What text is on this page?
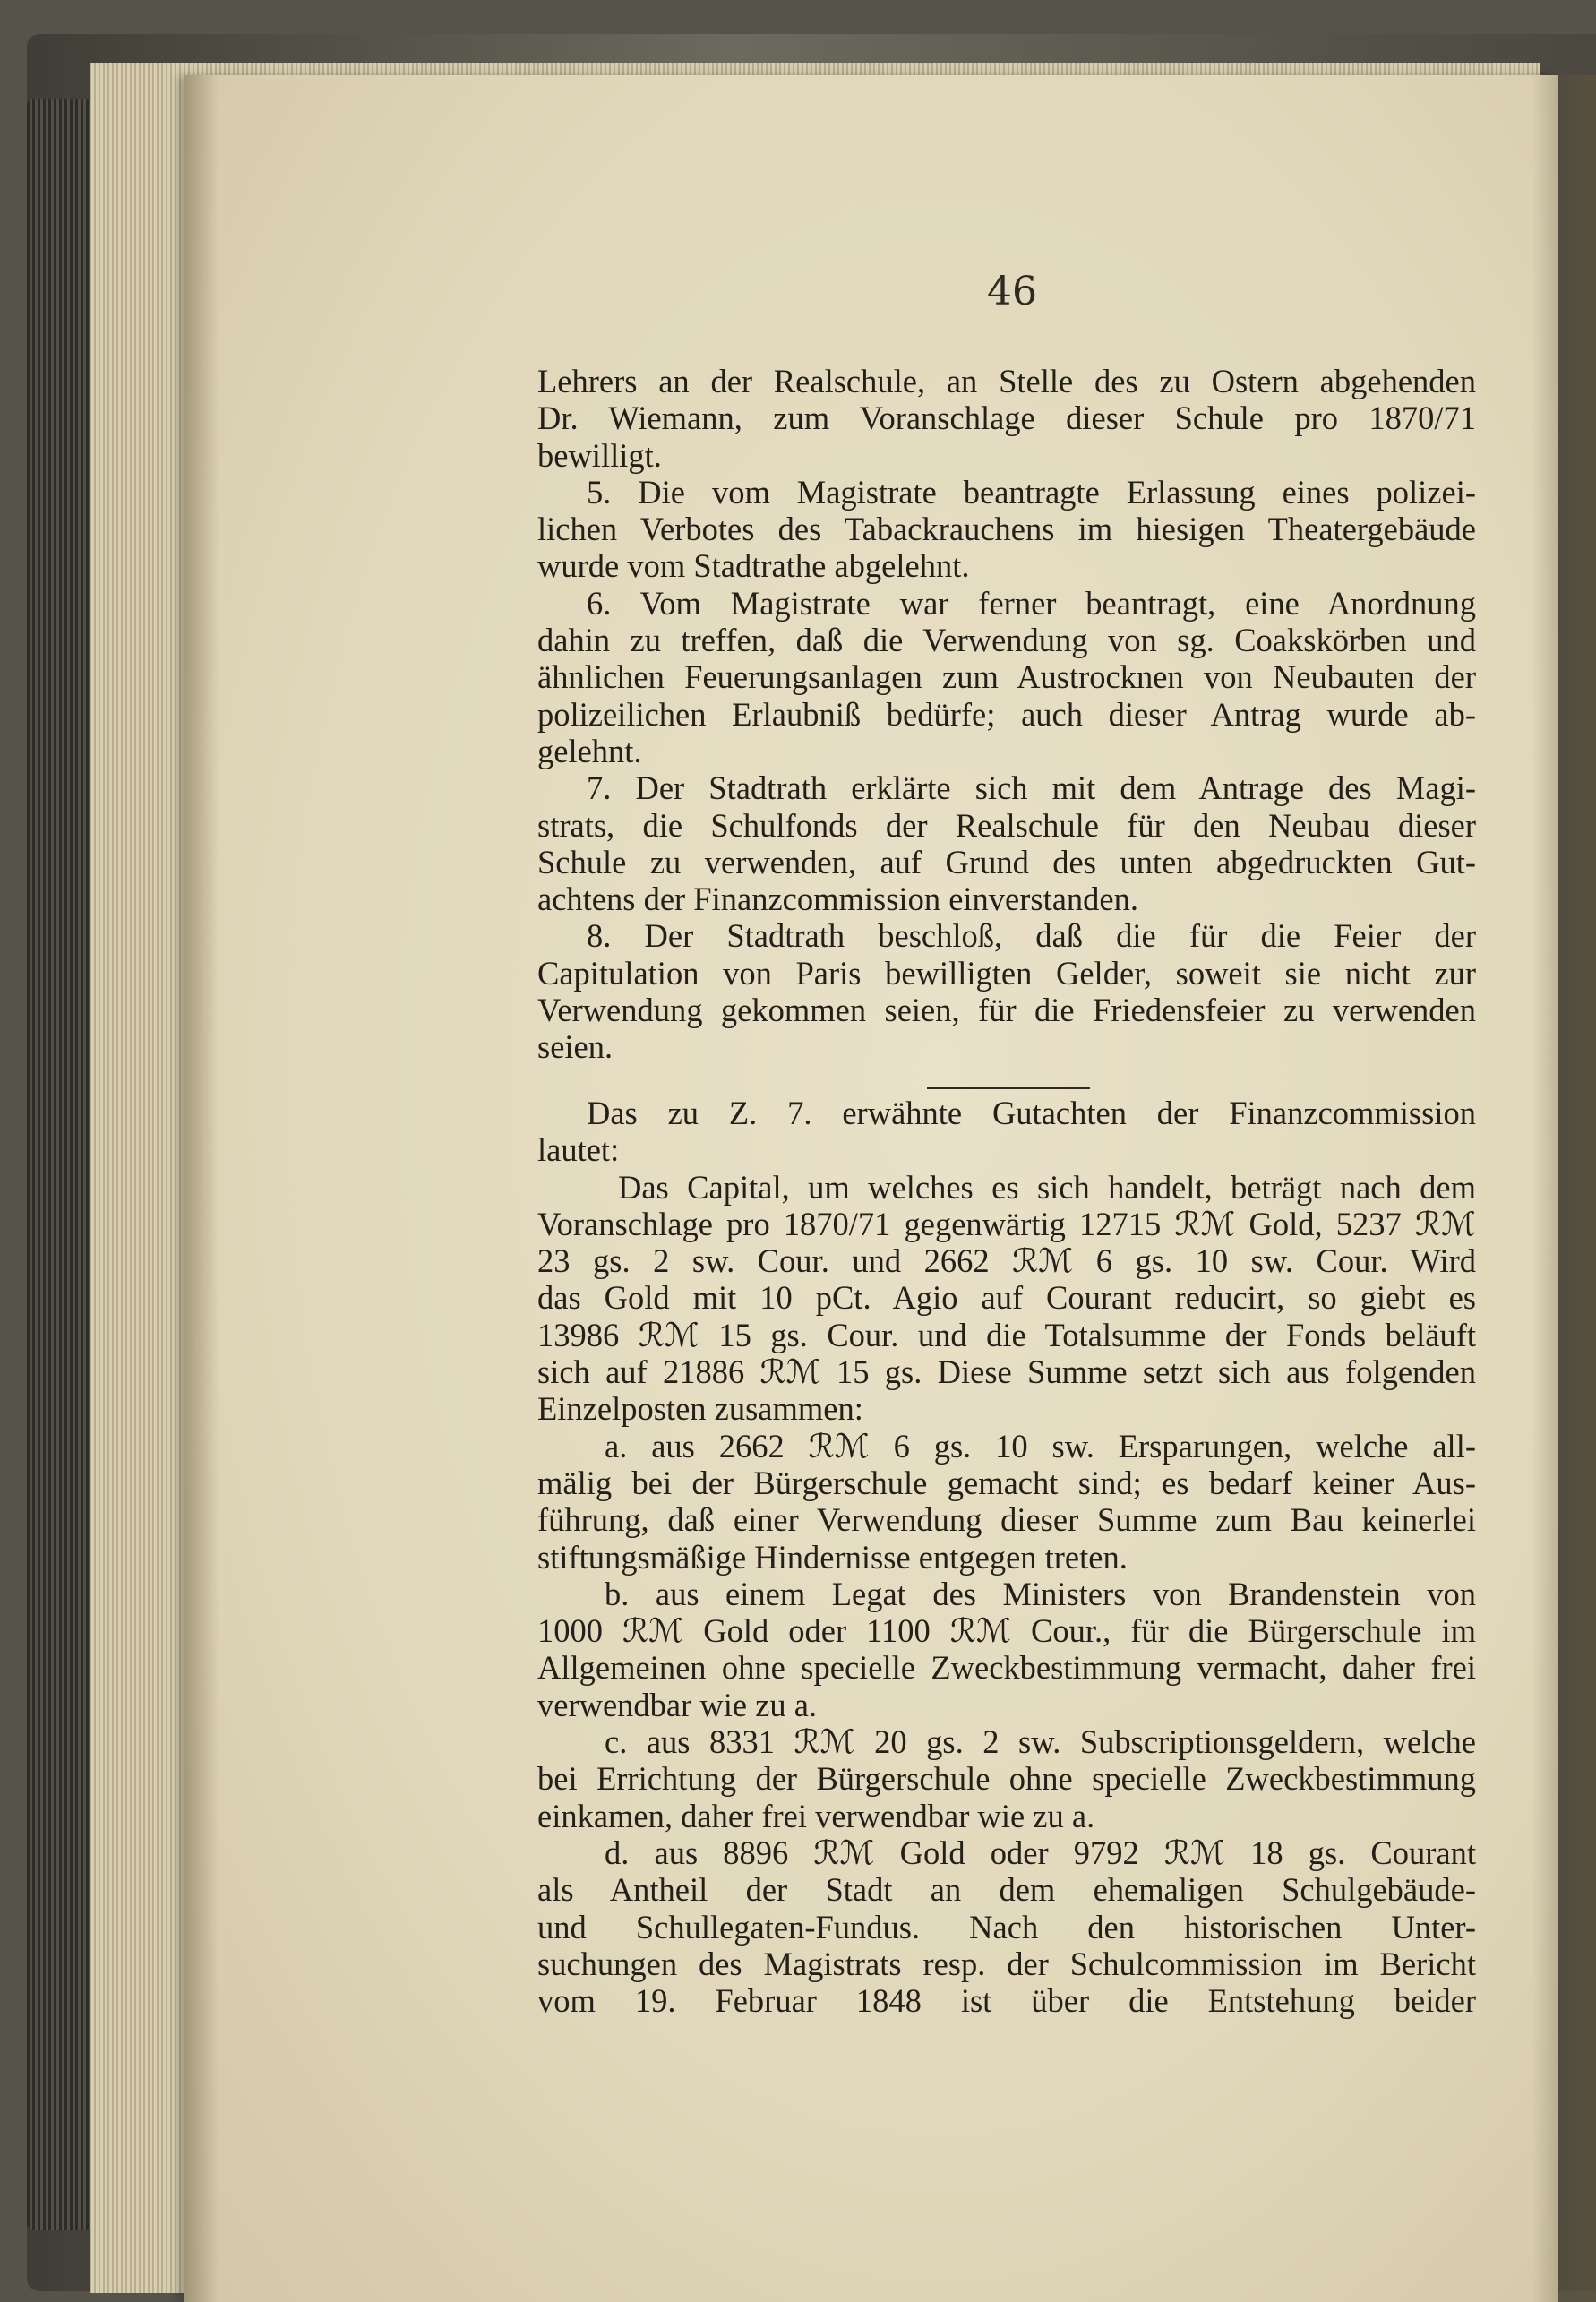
46
Lehrers an der Realschule, an Stelle des zu Ostern abgehenden
Dr. Wiemann, zum Voranschlage dieser Schule pro 1870/71
bewilligt.
5. Die vom Magistrate beantragte Erlassung eines polizei-
lichen Verbotes des Tabackrauchens im hiesigen Theatergebäude
wurde vom Stadtrathe abgelehnt.
6. Vom Magistrate war ferner beantragt, eine Anordnung
dahin zu treffen, daß die Verwendung von sg. Coakskörben und
ähnlichen Feuerungsanlagen zum Austrocknen von Neubauten der
polizeilichen Erlaubniß bedürfe; auch dieser Antrag wurde ab-
gelehnt.
7. Der Stadtrath erklärte sich mit dem Antrage des Magi-
strats, die Schulfonds der Realschule für den Neubau dieser
Schule zu verwenden, auf Grund des unten abgedruckten Gut-
achtens der Finanzcommission einverstanden.
8. Der Stadtrath beschloß, daß die für die Feier der
Capitulation von Paris bewilligten Gelder, soweit sie nicht zur
Verwendung gekommen seien, für die Friedensfeier zu verwenden
seien.
Das zu Z. 7. erwähnte Gutachten der Finanzcommission
lautet:
Das Capital, um welches es sich handelt, beträgt nach dem
Voranschlage pro 1870/71 gegenwärtig 12715 ℛℳ Gold, 5237 ℛℳ
23 gs. 2 sw. Cour. und 2662 ℛℳ 6 gs. 10 sw. Cour. Wird
das Gold mit 10 pCt. Agio auf Courant reducirt, so giebt es
13986 ℛℳ 15 gs. Cour. und die Totalsumme der Fonds beläuft
sich auf 21886 ℛℳ 15 gs. Diese Summe setzt sich aus folgenden
Einzelposten zusammen:
a. aus 2662 ℛℳ 6 gs. 10 sw. Ersparungen, welche all-
mälig bei der Bürgerschule gemacht sind; es bedarf keiner Aus-
führung, daß einer Verwendung dieser Summe zum Bau keinerlei
stiftungsmäßige Hindernisse entgegen treten.
b. aus einem Legat des Ministers von Brandenstein von
1000 ℛℳ Gold oder 1100 ℛℳ Cour., für die Bürgerschule im
Allgemeinen ohne specielle Zweckbestimmung vermacht, daher frei
verwendbar wie zu a.
c. aus 8331 ℛℳ 20 gs. 2 sw. Subscriptionsgeldern, welche
bei Errichtung der Bürgerschule ohne specielle Zweckbestimmung
einkamen, daher frei verwendbar wie zu a.
d. aus 8896 ℛℳ Gold oder 9792 ℛℳ 18 gs. Courant
als Antheil der Stadt an dem ehemaligen Schulgebäude-
und Schullegaten-Fundus. Nach den historischen Unter-
suchungen des Magistrats resp. der Schulcommission im Bericht
vom 19. Februar 1848 ist über die Entstehung beider
